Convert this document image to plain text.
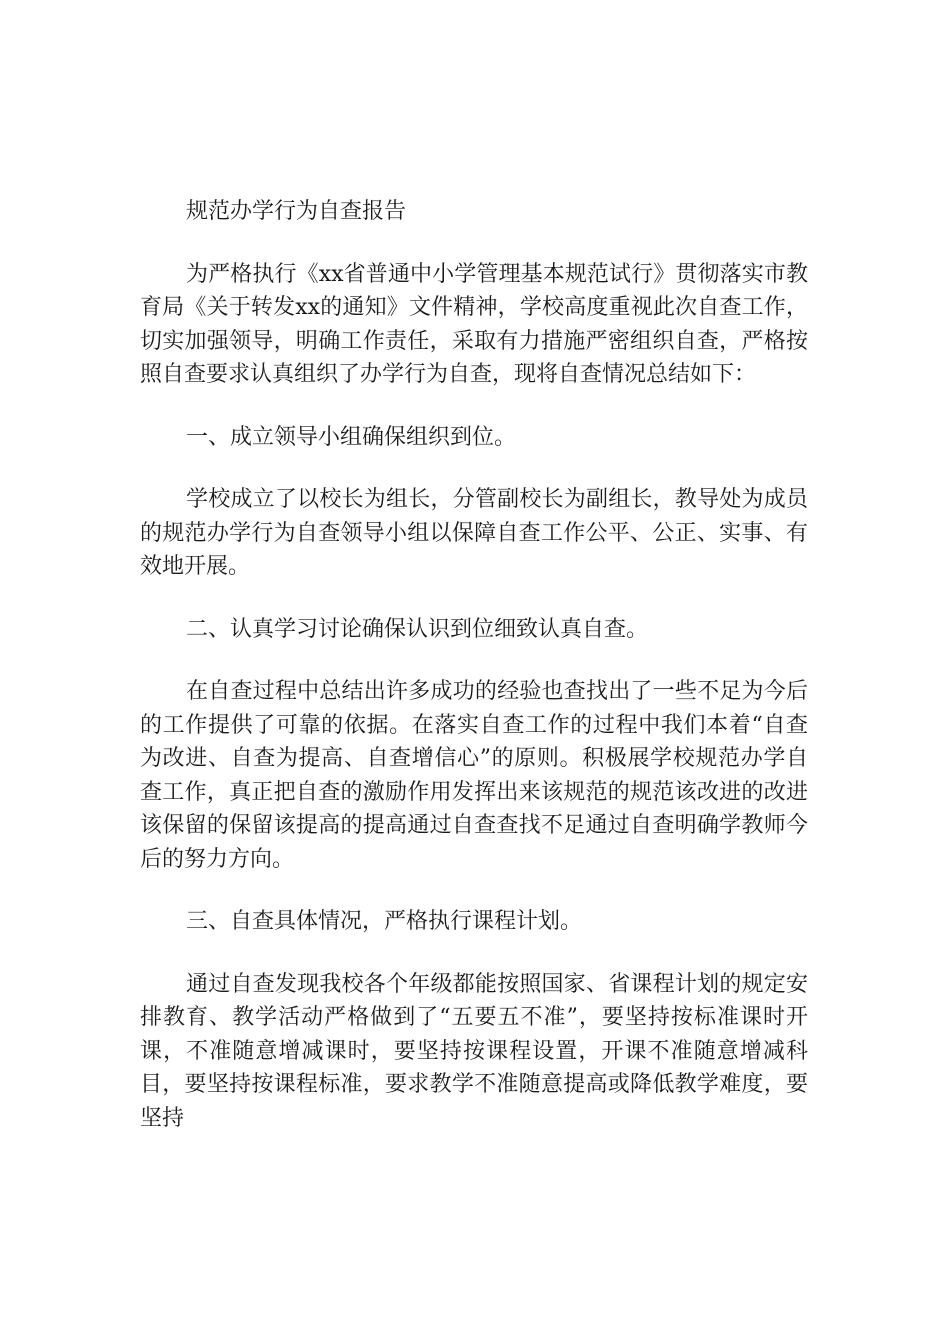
规范办学行为自查报告

为严格执行《xx省普通中小学管理基本规范试行》贯彻落实市教育局《关于转发xx的通知》文件精神，学校高度重视此次自查工作，切实加强领导，明确工作责任，采取有力措施严密组织自查，严格按照自查要求认真组织了办学行为自查，现将自查情况总结如下：

一、成立领导小组确保组织到位。

学校成立了以校长为组长，分管副校长为副组长，教导处为成员的规范办学行为自查领导小组以保障自查工作公平、公正、实事、有效地开展。

二、认真学习讨论确保认识到位细致认真自查。

在自查过程中总结出许多成功的经验也查找出了一些不足为今后的工作提供了可靠的依据。在落实自查工作的过程中我们本着“自查为改进、自查为提高、自查增信心”的原则。积极展学校规范办学自查工作，真正把自查的激励作用发挥出来该规范的规范该改进的改进该保留的保留该提高的提高通过自查查找不足通过自查明确学教师今后的努力方向。

三、自查具体情况，严格执行课程计划。

通过自查发现我校各个年级都能按照国家、省课程计划的规定安排教育、教学活动严格做到了“五要五不准”，要坚持按标准课时开课，不准随意增减课时，要坚持按课程设置，开课不准随意增减科目，要坚持按课程标准，要求教学不准随意提高或降低教学难度，要坚持
